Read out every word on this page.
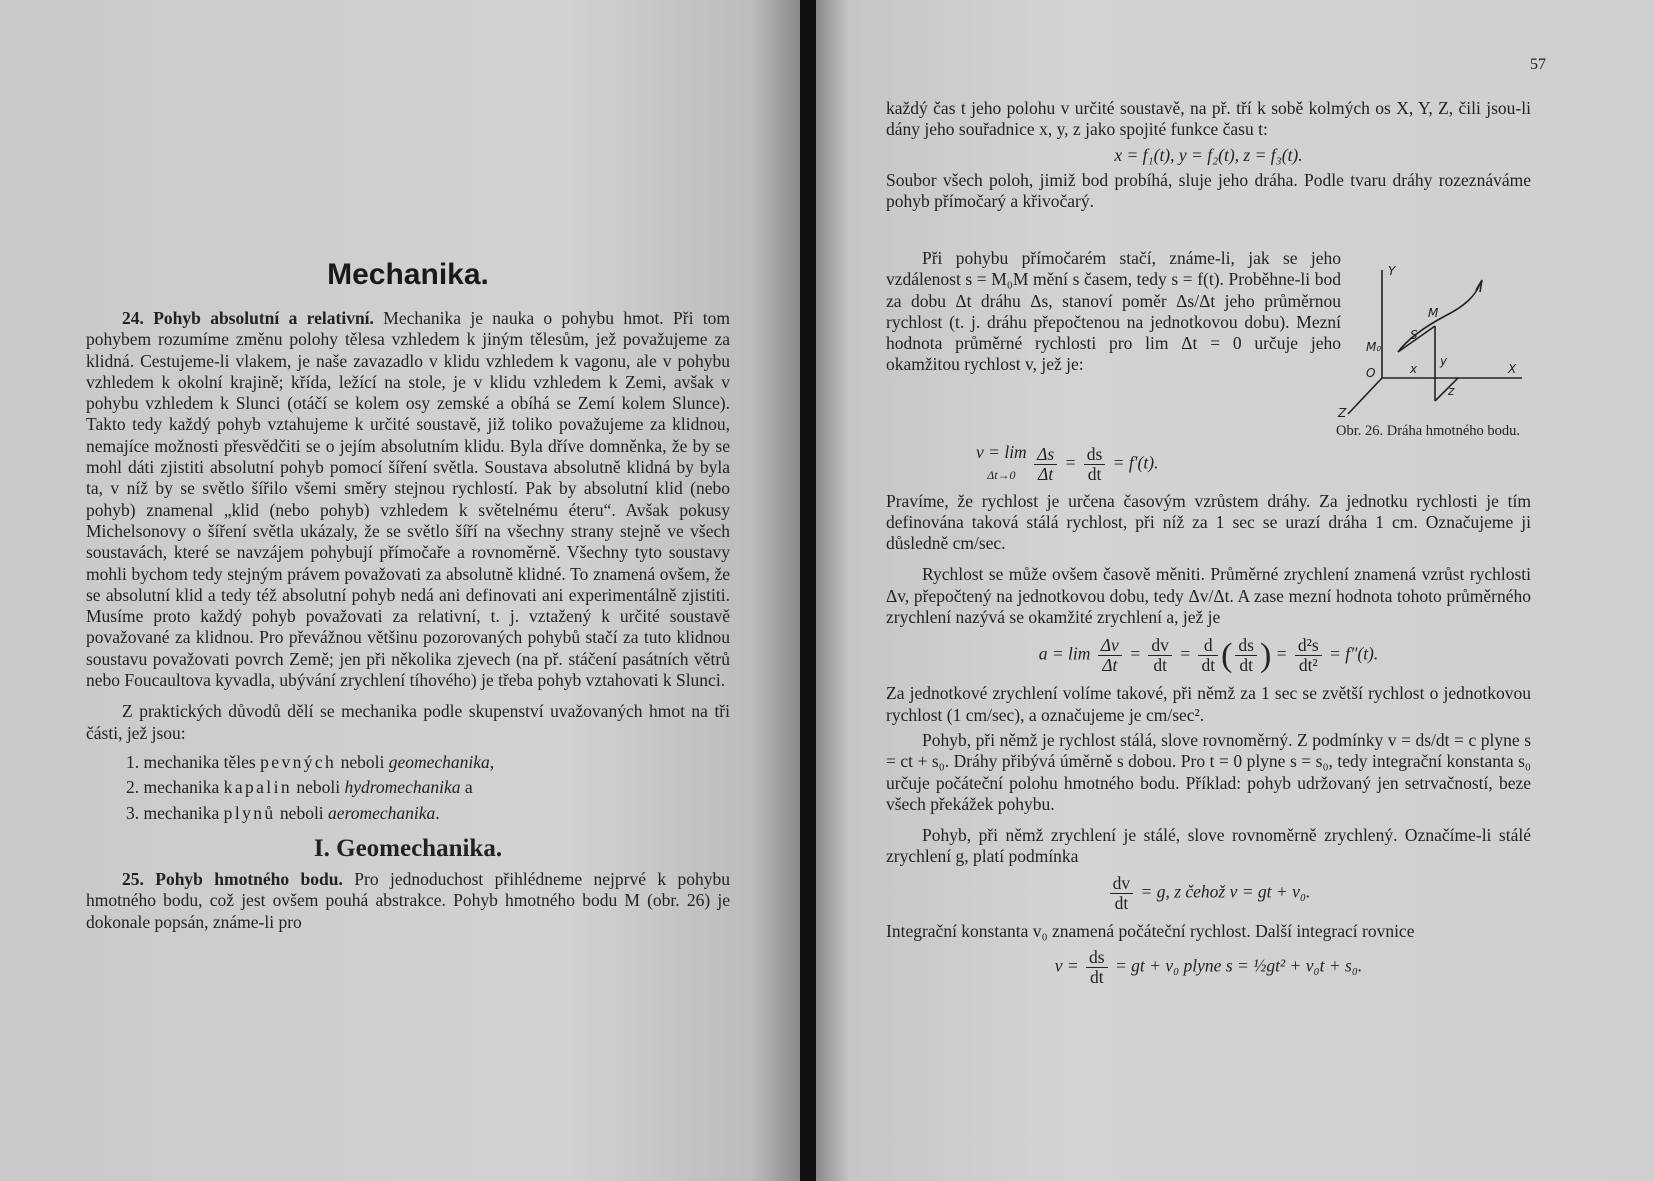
Mechanika.

24. Pohyb absolutní a relativní. Mechanika je nauka o pohybu hmot. Při tom pohybem rozumíme změnu polohy tělesa vzhledem k jiným tělesům, jež považujeme za klidná. Cestujeme-li vlakem, je naše zavazadlo v klidu vzhledem k vagonu, ale v pohybu vzhledem k okolní krajině; křída, ležící na stole, je v klidu vzhledem k Zemi, avšak v pohybu vzhledem k Slunci (otáčí se kolem osy zemské a obíhá se Zemí kolem Slunce). Takto tedy každý pohyb vztahujeme k určité soustavě, již toliko považujeme za klidnou, nemajíce možnosti přesvědčiti se o jejím absolutním klidu. Byla dříve domněnka, že by se mohl dáti zjistiti absolutní pohyb pomocí šíření světla. Soustava absolutně klidná by byla ta, v níž by se světlo šířilo všemi směry stejnou rychlostí. Pak by absolutní klid (nebo pohyb) znamenal „klid (nebo pohyb) vzhledem k světelnému éteru“. Avšak pokusy Michelsonovy o šíření světla ukázaly, že se světlo šíří na všechny strany stejně ve všech soustavách, které se navzájem pohybují přímočaře a rovnoměrně. Všechny tyto soustavy mohli bychom tedy stejným právem považovati za absolutně klidné. To znamená ovšem, že se absolutní klid a tedy též absolutní pohyb nedá ani definovati ani experimentálně zjistiti. Musíme proto každý pohyb považovati za relativní, t. j. vztažený k určité soustavě považované za klidnou. Pro převážnou většinu pozorovaných pohybů stačí za tuto klidnou soustavu považovati povrch Země; jen při několika zjevech (na př. stáčení pasátních větrů nebo Foucaultova kyvadla, ubývání zrychlení tíhového) je třeba pohyb vztahovati k Slunci.

Z praktických důvodů dělí se mechanika podle skupenství uvažovaných hmot na tři části, jež jsou:

1. mechanika těles pevných neboli geomechanika,
2. mechanika kapalin neboli hydromechanika a
3. mechanika plynů neboli aeromechanika.
I. Geomechanika.

25. Pohyb hmotného bodu. Pro jednoduchost přihlédneme nejprvé k pohybu hmotného bodu, což jest ovšem pouhá abstrakce. Pohyb hmotného bodu M (obr. 26) je dokonale popsán, známe-li pro

57

každý čas t jeho polohu v určité soustavě, na př. tří k sobě kolmých os X, Y, Z, čili jsou-li dány jeho souřadnice x, y, z jako spojité funkce času t:

x = f₁(t), y = f₂(t), z = f₃(t).

Soubor všech poloh, jimiž bod probíhá, sluje jeho dráha. Podle tvaru dráhy rozeznáváme pohyb přímočarý a křivočarý.

Při pohybu přímočarém stačí, známe-li, jak se jeho vzdálenost s = M₀M mění s časem, tedy s = f(t). Proběhne-li bod za dobu Δt dráhu Δs, stanoví poměr Δs/Δt jeho průměrnou rychlost (t. j. dráhu přepočtenou na jednotkovou dobu). Mezní hodnota průměrné rychlosti pro lim Δt = 0 určuje jeho okamžitou rychlost v, jež je:

v = lim
$\Delta t\to 0 \frac{\Delta s}{\Delta t} = \frac{ds}{dt} = f'(t)$.

Pravíme, že rychlost je určena časovým vzrůstem dráhy. Za jednotku rychlosti je tím definována taková stálá rychlost, při níž za 1 sec se urazí dráha 1 cm. Označujeme ji důsledně cm/sec.

Rychlost se může ovšem časově měniti. Průměrné zrychlení znamená vzrůst rychlosti Δv, přepočtený na jednotkovou dobu, tedy Δv/Δt. A zase mezní hodnota tohoto průměrného zrychlení nazývá se okamžité zrychlení a, jež je

$a = \lim \frac{\Delta v}{\Delta t} = \frac{dv}{dt} = \frac{d}{dt}$ ( $\frac{ds}{dt}$ ) = $\frac{\text{d²s}}{\text{dt²}} = f''(t)$.

Za jednotkové zrychlení volíme takové, při němž za 1 sec se zvětší rychlost o jednotkovou rychlost (1 cm/sec), a označujeme je cm/sec².

Pohyb, při němž je rychlost stálá, slove rovnoměrný. Z podmínky v = ds/dt = c plyne s = ct + s₀. Dráhy přibývá úměrně s dobou. Pro t = 0 plyne s = s₀, tedy integrační konstanta s₀ určuje počáteční polohu hmotného bodu. Příklad: pohyb udržovaný jen setrvačností, beze všech překážek pohybu.

Pohyb, při němž zrychlení je stálé, slove rovnoměrně zrychlený. Označíme-li stálé zrychlení g, platí podmínka

$\frac{dv}{dt} = g$, z čehož v = gt + v₀.

Integrační konstanta v₀ znamená počáteční rychlost. Další integrací rovnice

$v = \frac{ds}{dt}$ = gt + v₀ plyne s = ½gt² + v₀t + s₀.
Y
M
M₀
S
O	x
y
X
z
Z
Obr. 26. Dráha hmotného bodu.
